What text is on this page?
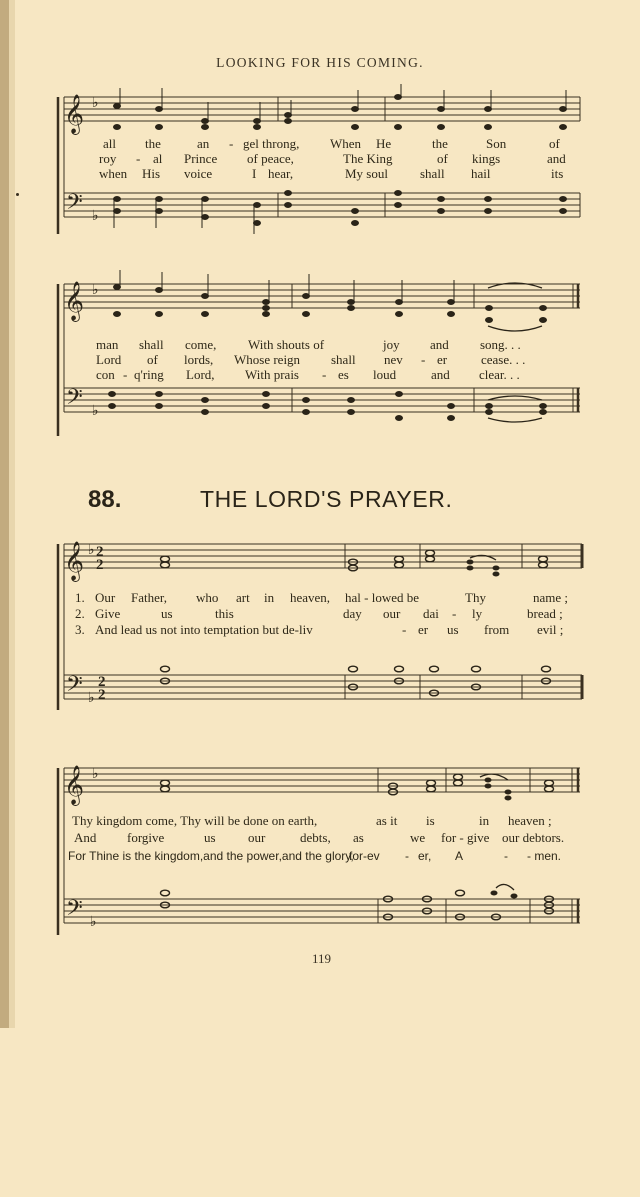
LOOKING FOR HIS COMING.
𝄞
𝄢
𝄞
𝄢
𝄞
𝄢
𝄞
𝄢
♭
♭
♭
♭
♭
♭
♭
♭
2
2
2
2

all

the

	an

-

gel throng,

When

He

	the

	Son

	of

roy

-

al

Prince

of peace,

	The King

	of

kings

	and

when

His

voice

	I

hear,

	My soul

shall

hail

	its

man

shall

come,

With shouts of

	joy

and

song. . .

Lord

of

lords,

Whose reign

shall

nev

-

er

	cease. . .

con

-

q'ring

Lord,

With prais

-

es

loud

	and

clear. . .

88.	THE LORD'S PRAYER.

1.

Our

Father,

who

art

in

heaven,

hal - lowed be

	Thy

	name ;

2.

Give

	us

	this

	day

our

dai

-

ly

	bread ;

3.

And lead us not into temptation but de-liv

	-

er

us

from

evil ;

Thy kingdom come, Thy will be done on earth,

	as it

is

	in

heaven ;

And

forgive

	us

our

	debts,

as

	we

for - give

our debtors.

For Thine is the kingdom,and the power,and the glory,

for-ev

-

er,

A

	-

- men.

119
